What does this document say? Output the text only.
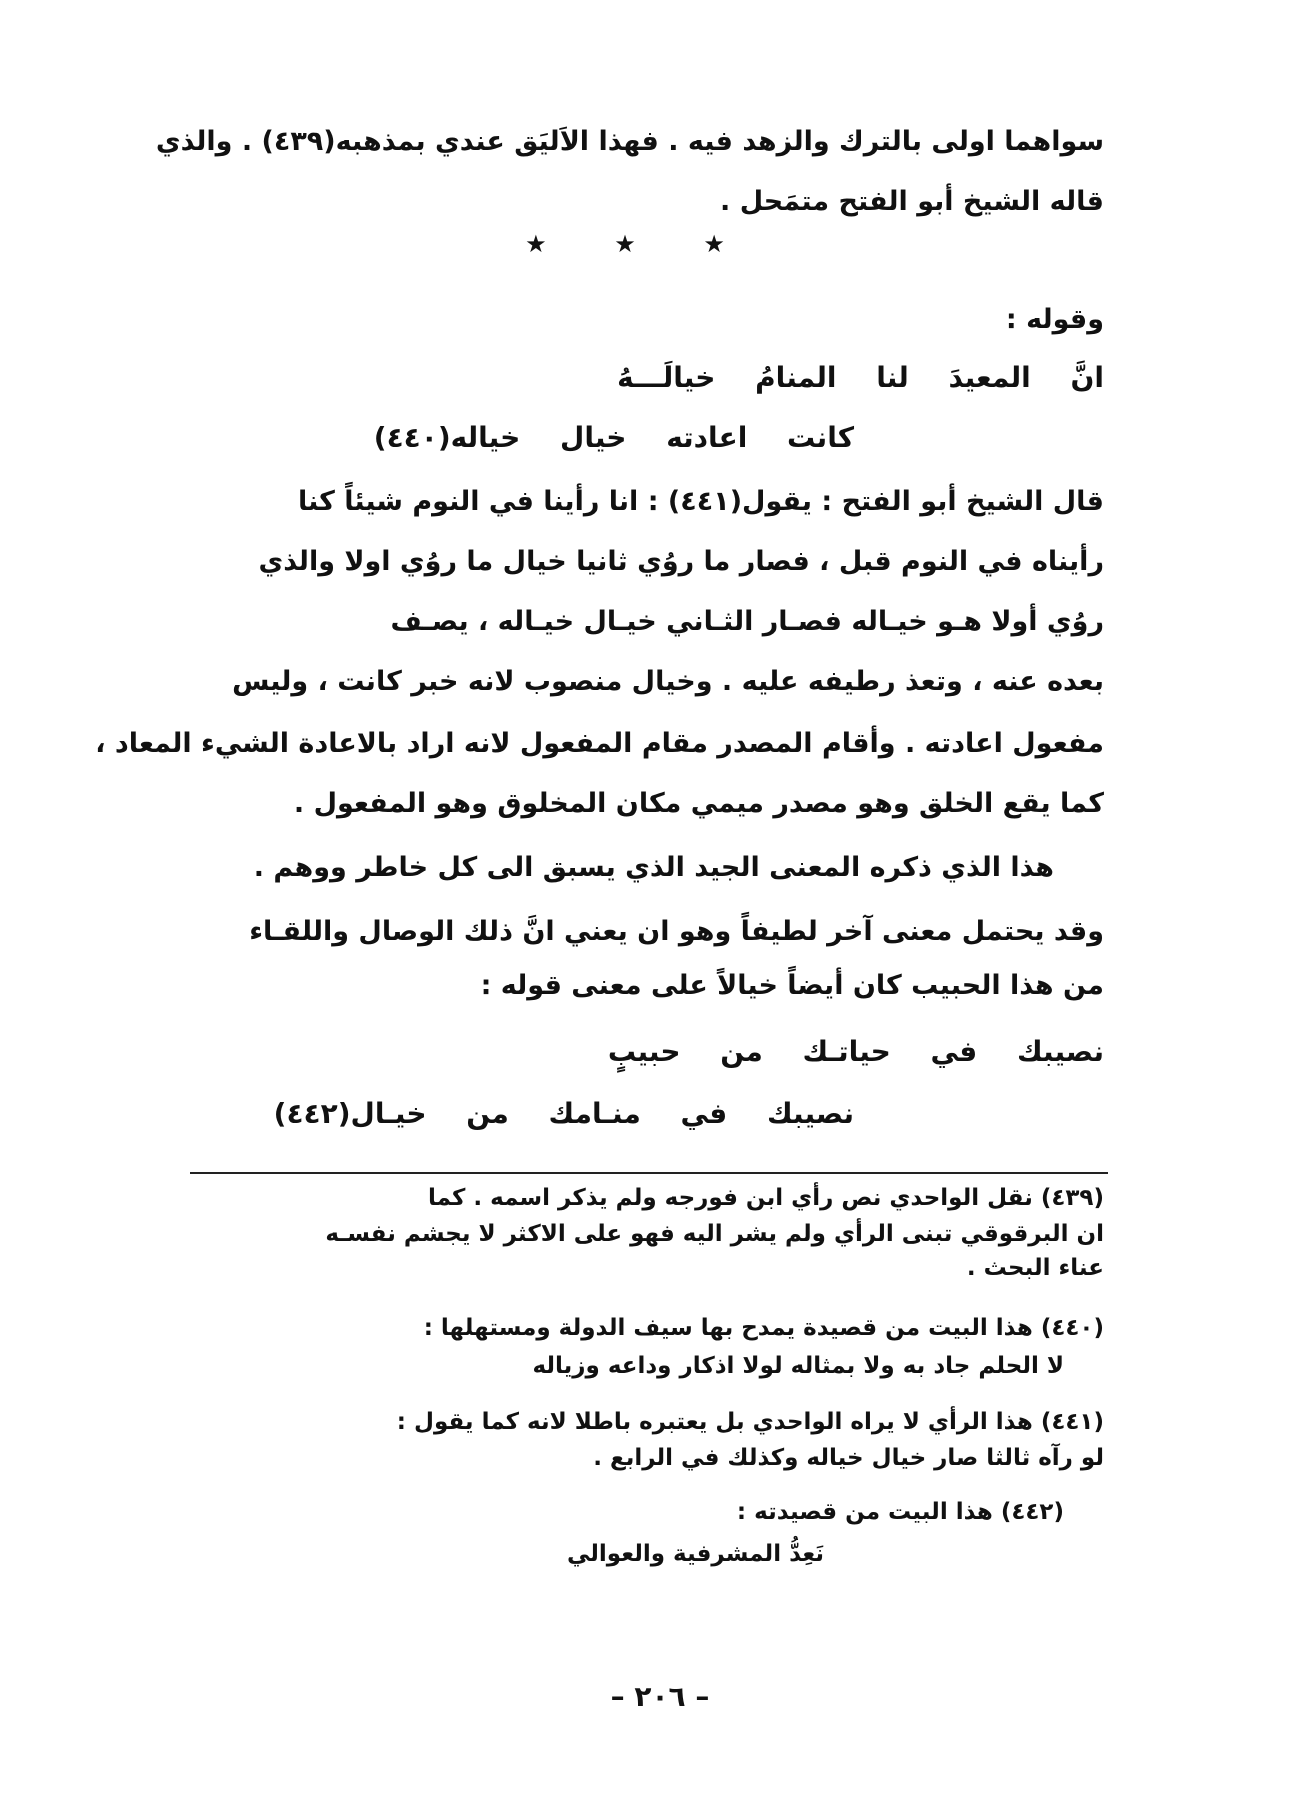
سواهما اولى بالترك والزهد فيه . فهذا الاَليَق عندي بمذهبه(٤٣٩) . والذي
قاله الشيخ أبو الفتح متمَحل .
★ ★ ★
وقوله :
انَّ المعيدَ لنا المنامُ خيالَـــهُ
كانت اعادته خيال خياله(٤٤٠)
قال الشيخ أبو الفتح : يقول(٤٤١) : انا رأينا في النوم شيئاً كنا
رأيناه في النوم قبل ، فصار ما روُي ثانيا خيال ما روُي اولا والذي
روُي أولا هـو خيـاله فصـار الثـاني خيـال خيـاله ، يصـف
بعده عنه ، وتعذ رطيفه عليه . وخيال منصوب لانه خبر كانت ، وليس
مفعول اعادته . وأقام المصدر مقام المفعول لانه اراد بالاعادة الشيء المعاد ،
كما يقع الخلق وهو مصدر ميمي مكان المخلوق وهو المفعول .
هذا الذي ذكره المعنى الجيد الذي يسبق الى كل خاطر ووهم .
وقد يحتمل معنى آخر لطيفاً وهو ان يعني انَّ ذلك الوصال واللقـاء
من هذا الحبيب كان أيضاً خيالاً على معنى قوله :
نصيبك في حياتـك من حبيبٍ
نصيبك في منـامك من خيـال(٤٤٢)
(٤٣٩) نقل الواحدي نص رأي ابن فورجه ولم يذكر اسمه . كما
ان البرقوقي تبنى الرأي ولم يشر اليه فهو على الاكثر لا يجشم نفسـه
عناء البحث .
(٤٤٠) هذا البيت من قصيدة يمدح بها سيف الدولة ومستهلها :
لا الحلم جاد به ولا بمثاله لولا اذكار وداعه وزياله
(٤٤١) هذا الرأي لا يراه الواحدي بل يعتبره باطلا لانه كما يقول :
لو رآه ثالثا صار خيال خياله وكذلك في الرابع .
(٤٤٢) هذا البيت من قصيدته :
نَعِدُّ المشرفية والعوالي
– ٢٠٦ –
